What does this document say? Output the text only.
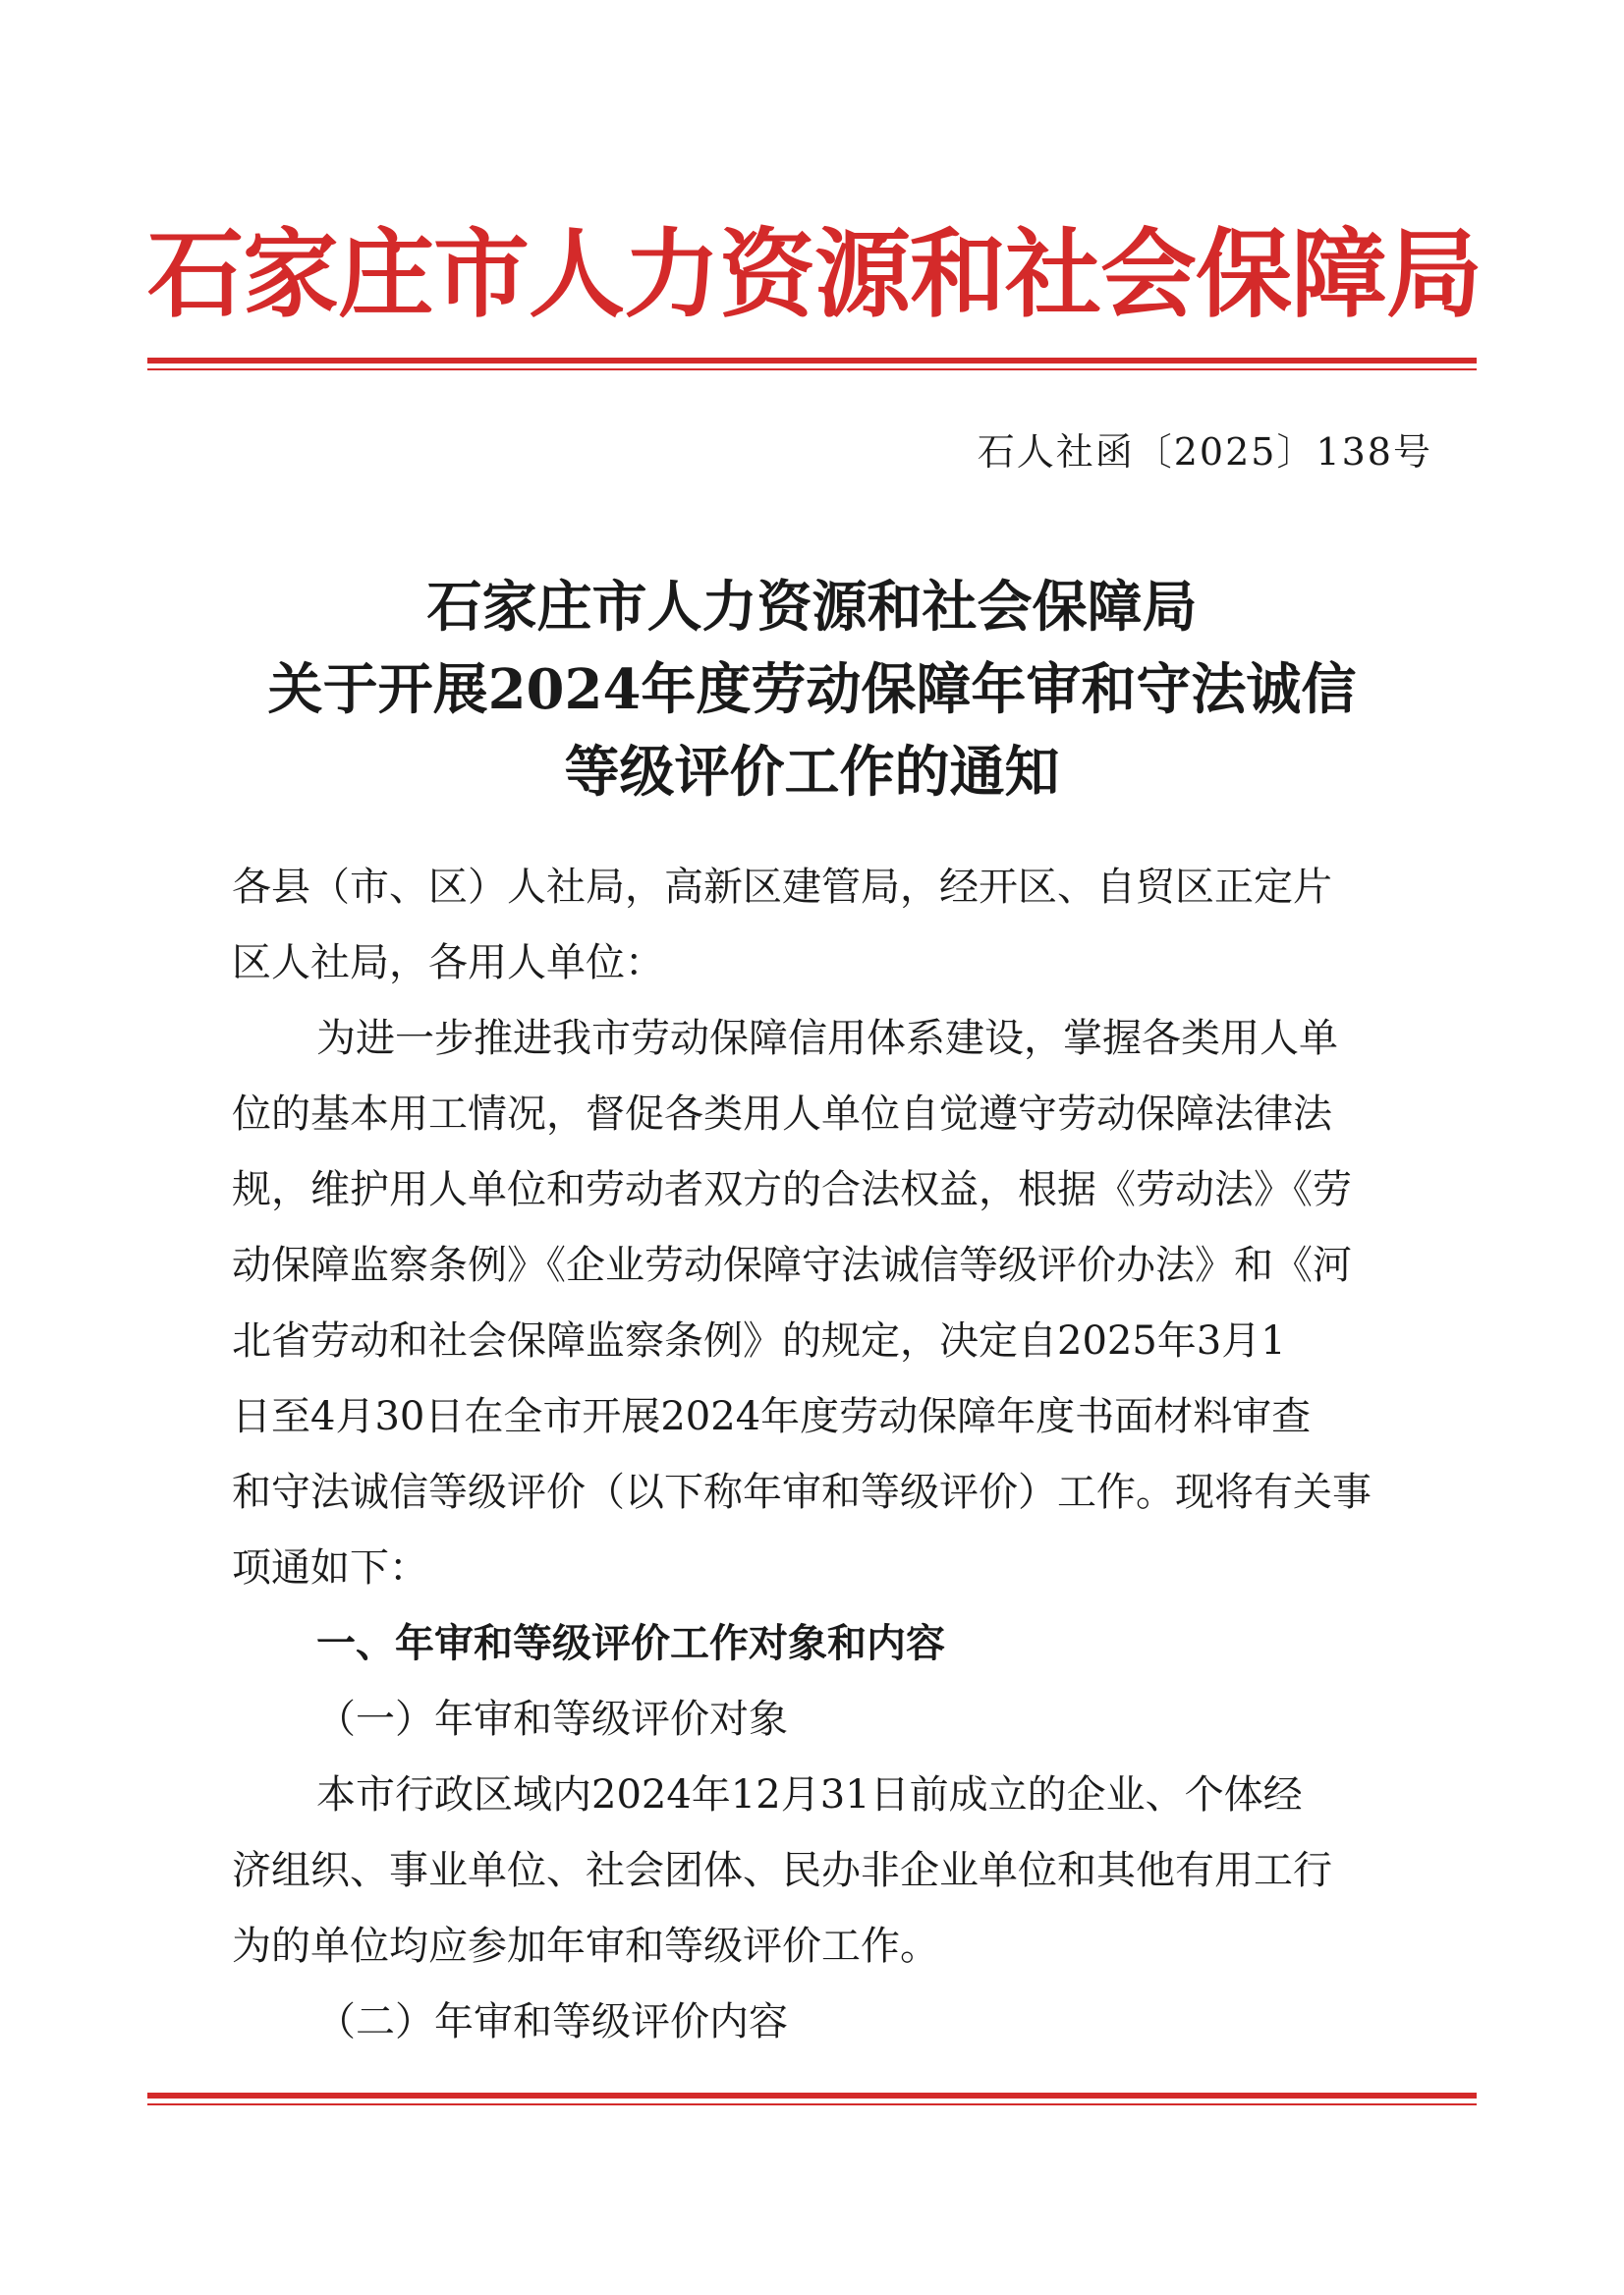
石家庄市人力资源和社会保障局
石人社函〔2025〕138号
石家庄市人力资源和社会保障局
关于开展2024年度劳动保障年审和守法诚信
等级评价工作的通知
各县（市、区）人社局，高新区建管局，经开区、自贸区正定片
区人社局，各用人单位：
为进一步推进我市劳动保障信用体系建设，掌握各类用人单
位的基本用工情况，督促各类用人单位自觉遵守劳动保障法律法
规，维护用人单位和劳动者双方的合法权益，根据《劳动法》《劳
动保障监察条例》《企业劳动保障守法诚信等级评价办法》和《河
北省劳动和社会保障监察条例》的规定，决定自2025年3月1
日至4月30日在全市开展2024年度劳动保障年度书面材料审查
和守法诚信等级评价（以下称年审和等级评价）工作。现将有关事
项通如下：
一、年审和等级评价工作对象和内容
（一）年审和等级评价对象
本市行政区域内2024年12月31日前成立的企业、个体经
济组织、事业单位、社会团体、民办非企业单位和其他有用工行
为的单位均应参加年审和等级评价工作。
（二）年审和等级评价内容
